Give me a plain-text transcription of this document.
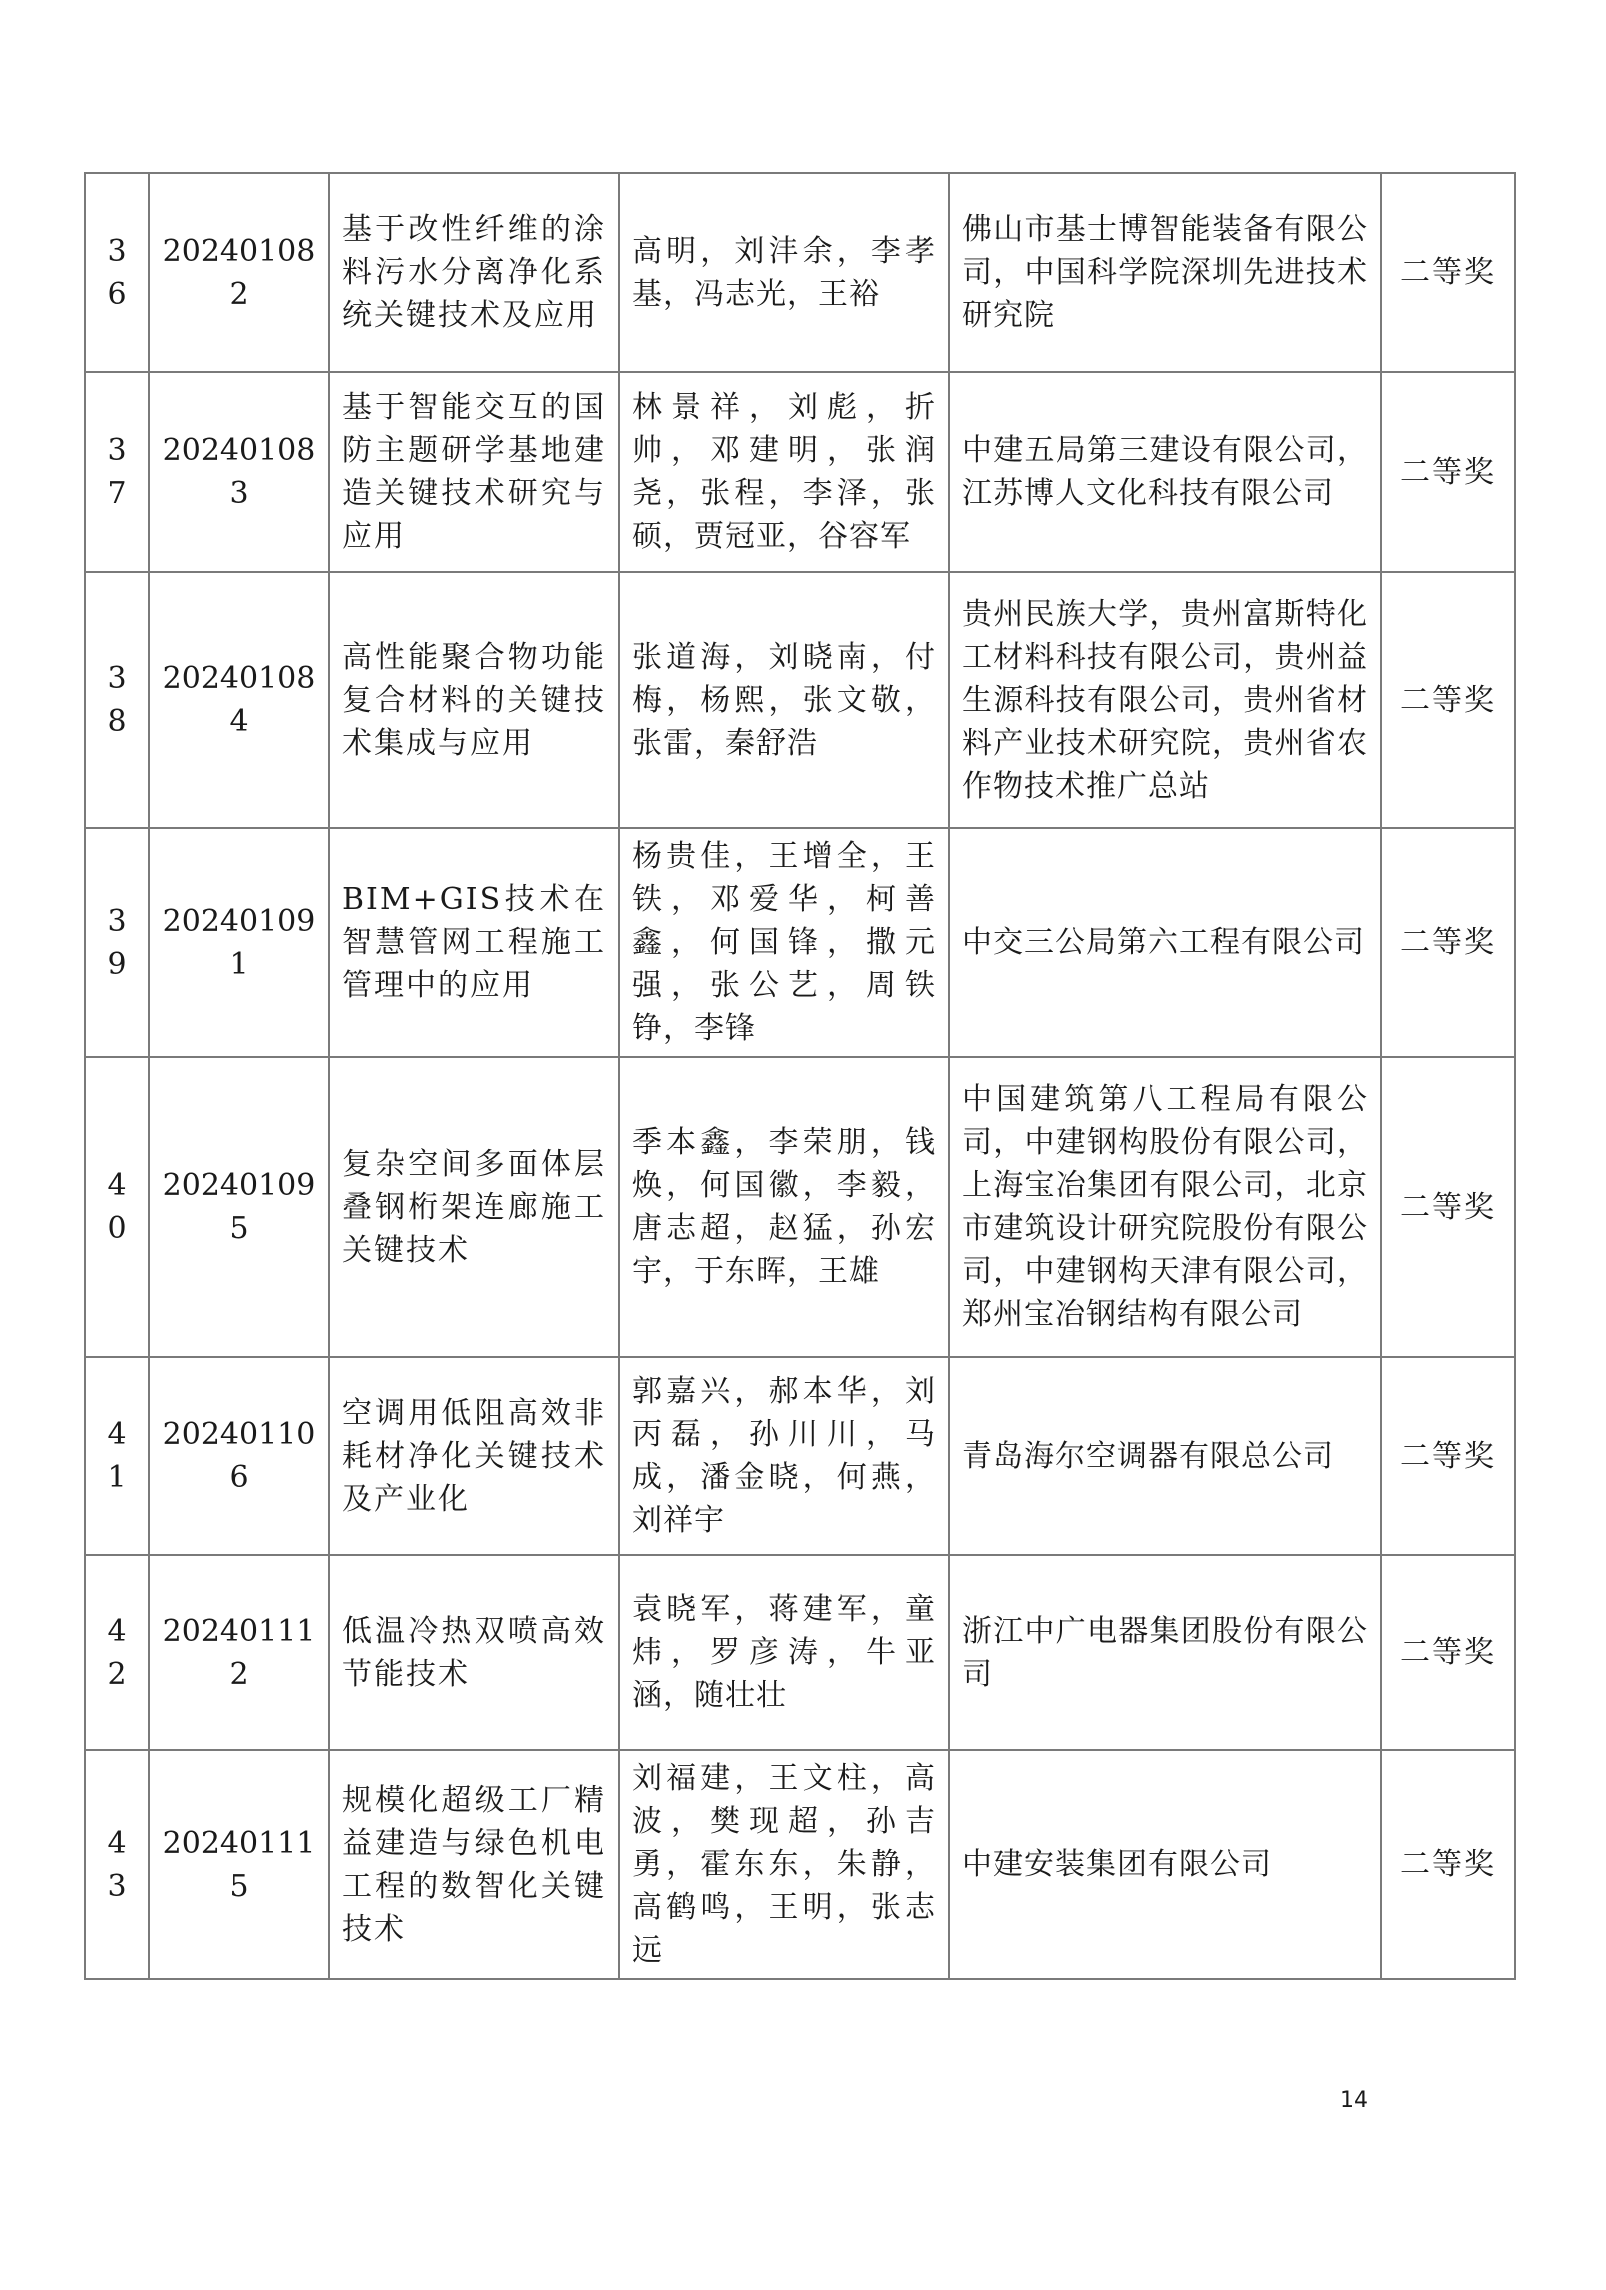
36	202401082	基于改性纤维的涂料污水分离净化系统关键技术及应用	高明，刘沣余，李孝基，冯志光，王裕	佛山市基士博智能装备有限公司，中国科学院深圳先进技术研究院	二等奖
37	202401083	基于智能交互的国防主题研学基地建造关键技术研究与应用	林景祥，刘彪，折帅，邓建明，张润尧，张程，李泽，张硕，贾冠亚，谷容军	中建五局第三建设有限公司，江苏博人文化科技有限公司	二等奖
38	202401084	高性能聚合物功能复合材料的关键技术集成与应用	张道海，刘晓南，付梅，杨熙，张文敬，张雷，秦舒浩	贵州民族大学，贵州富斯特化工材料科技有限公司，贵州益生源科技有限公司，贵州省材料产业技术研究院，贵州省农作物技术推广总站	二等奖
39	202401091	BIM+GIS技术在智慧管网工程施工管理中的应用	杨贵佳，王增全，王铁，邓爱华，柯善鑫，何国锋，撒元强，张公艺，周铁铮，李锋	中交三公局第六工程有限公司	二等奖
40	202401095	复杂空间多面体层叠钢桁架连廊施工关键技术	季本鑫，李荣朋，钱焕，何国徽，李毅，唐志超，赵猛，孙宏宇，于东晖，王雄	中国建筑第八工程局有限公司，中建钢构股份有限公司，上海宝冶集团有限公司，北京市建筑设计研究院股份有限公司，中建钢构天津有限公司，郑州宝冶钢结构有限公司	二等奖
41	202401106	空调用低阻高效非耗材净化关键技术及产业化	郭嘉兴，郝本华，刘丙磊，孙川川，马成，潘金晓，何燕，刘祥宇	青岛海尔空调器有限总公司	二等奖
42	202401112	低温冷热双喷高效节能技术	袁晓军，蒋建军，童炜，罗彦涛，牛亚涵，随壮壮	浙江中广电器集团股份有限公司	二等奖
43	202401115	规模化超级工厂精益建造与绿色机电工程的数智化关键技术	刘福建，王文柱，高波，樊现超，孙吉勇，霍东东，朱静，高鹤鸣，王明，张志远	中建安装集团有限公司	二等奖
14
